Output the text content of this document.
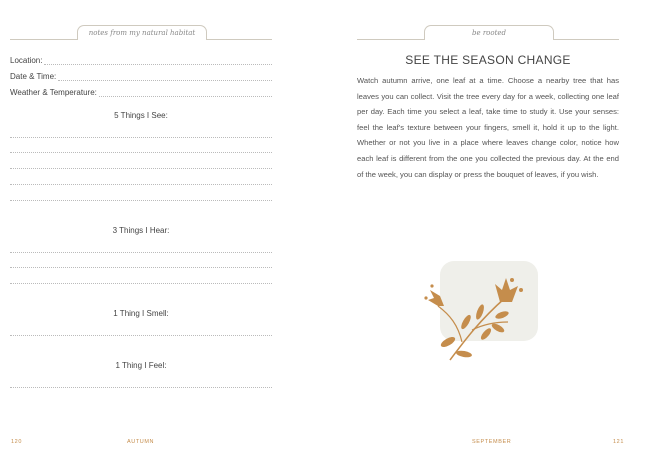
notes from my natural habitat
Location:
Date & Time:
Weather & Temperature:
5 Things I See:
3 Things I Hear:
1 Thing I Smell:
1 Thing I Feel:
120	AUTUMN
be rooted
SEE THE SEASON CHANGE
Watch autumn arrive, one leaf at a time. Choose a nearby tree that has leaves you can collect. Visit the tree every day for a week, collecting one leaf per day. Each time you select a leaf, take time to study it. Use your senses: feel the leaf's texture between your fingers, smell it, hold it up to the light. Whether or not you live in a place where leaves change color, notice how each leaf is different from the one you collected the previous day. At the end of the week, you can display or press the bouquet of leaves, if you wish.
SEPTEMBER	121
